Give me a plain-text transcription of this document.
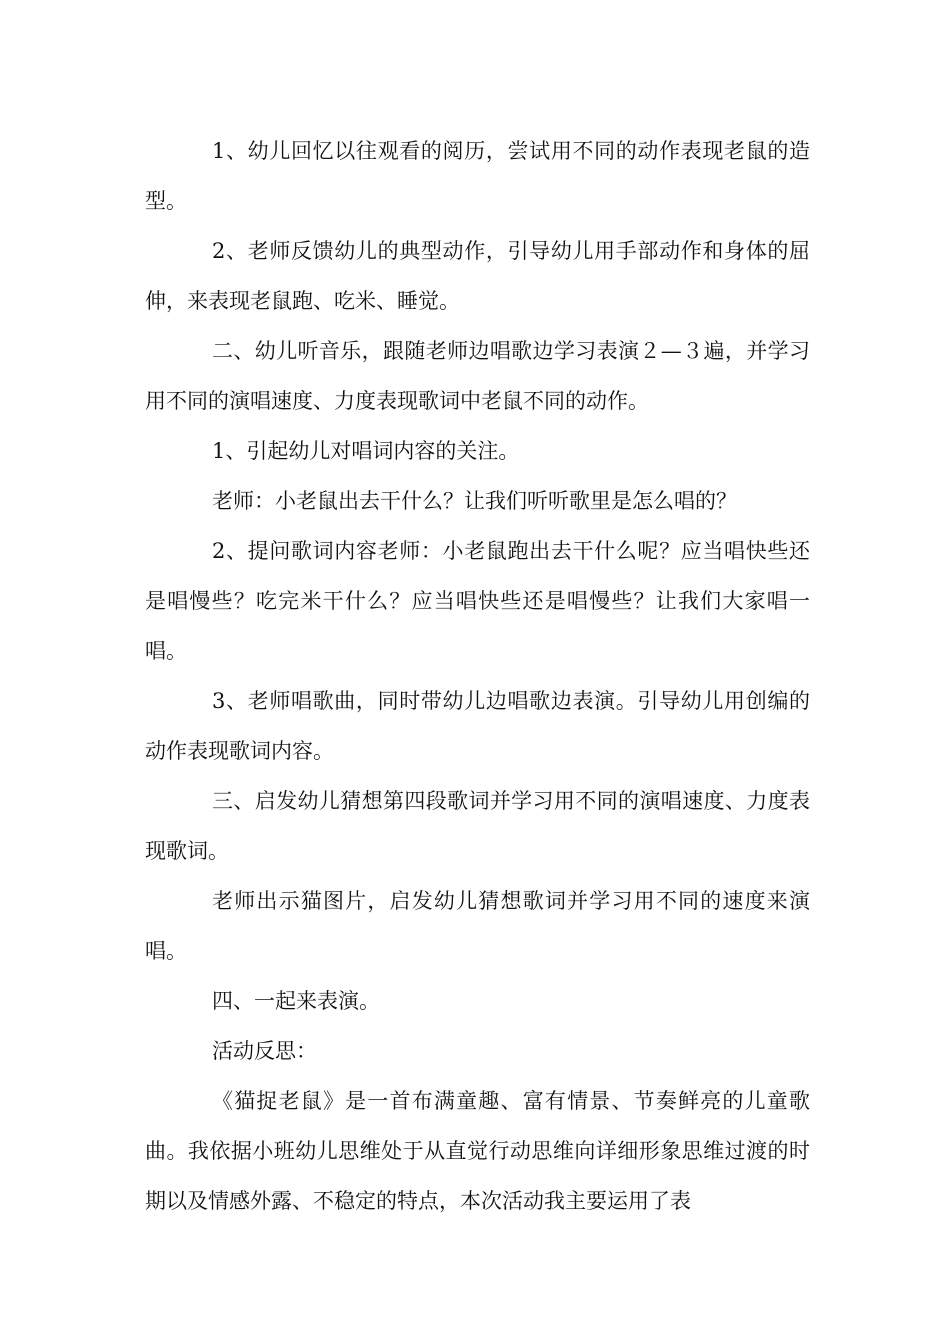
1、幼儿回忆以往观看的阅历，尝试用不同的动作表现老鼠的造型。

2、老师反馈幼儿的典型动作，引导幼儿用手部动作和身体的屈伸，来表现老鼠跑、吃米、睡觉。

二、幼儿听音乐，跟随老师边唱歌边学习表演２—３遍，并学习用不同的演唱速度、力度表现歌词中老鼠不同的动作。

1、引起幼儿对唱词内容的关注。

老师：小老鼠出去干什么？让我们听听歌里是怎么唱的？

2、提问歌词内容老师：小老鼠跑出去干什么呢？应当唱快些还是唱慢些？吃完米干什么？应当唱快些还是唱慢些？让我们大家唱一唱。

3、老师唱歌曲，同时带幼儿边唱歌边表演。引导幼儿用创编的动作表现歌词内容。

三、启发幼儿猜想第四段歌词并学习用不同的演唱速度、力度表现歌词。

老师出示猫图片，启发幼儿猜想歌词并学习用不同的速度来演唱。

四、一起来表演。

活动反思：

《猫捉老鼠》是一首布满童趣、富有情景、节奏鲜亮的儿童歌曲。我依据小班幼儿思维处于从直觉行动思维向详细形象思维过渡的时期以及情感外露、不稳定的特点，本次活动我主要运用了表
